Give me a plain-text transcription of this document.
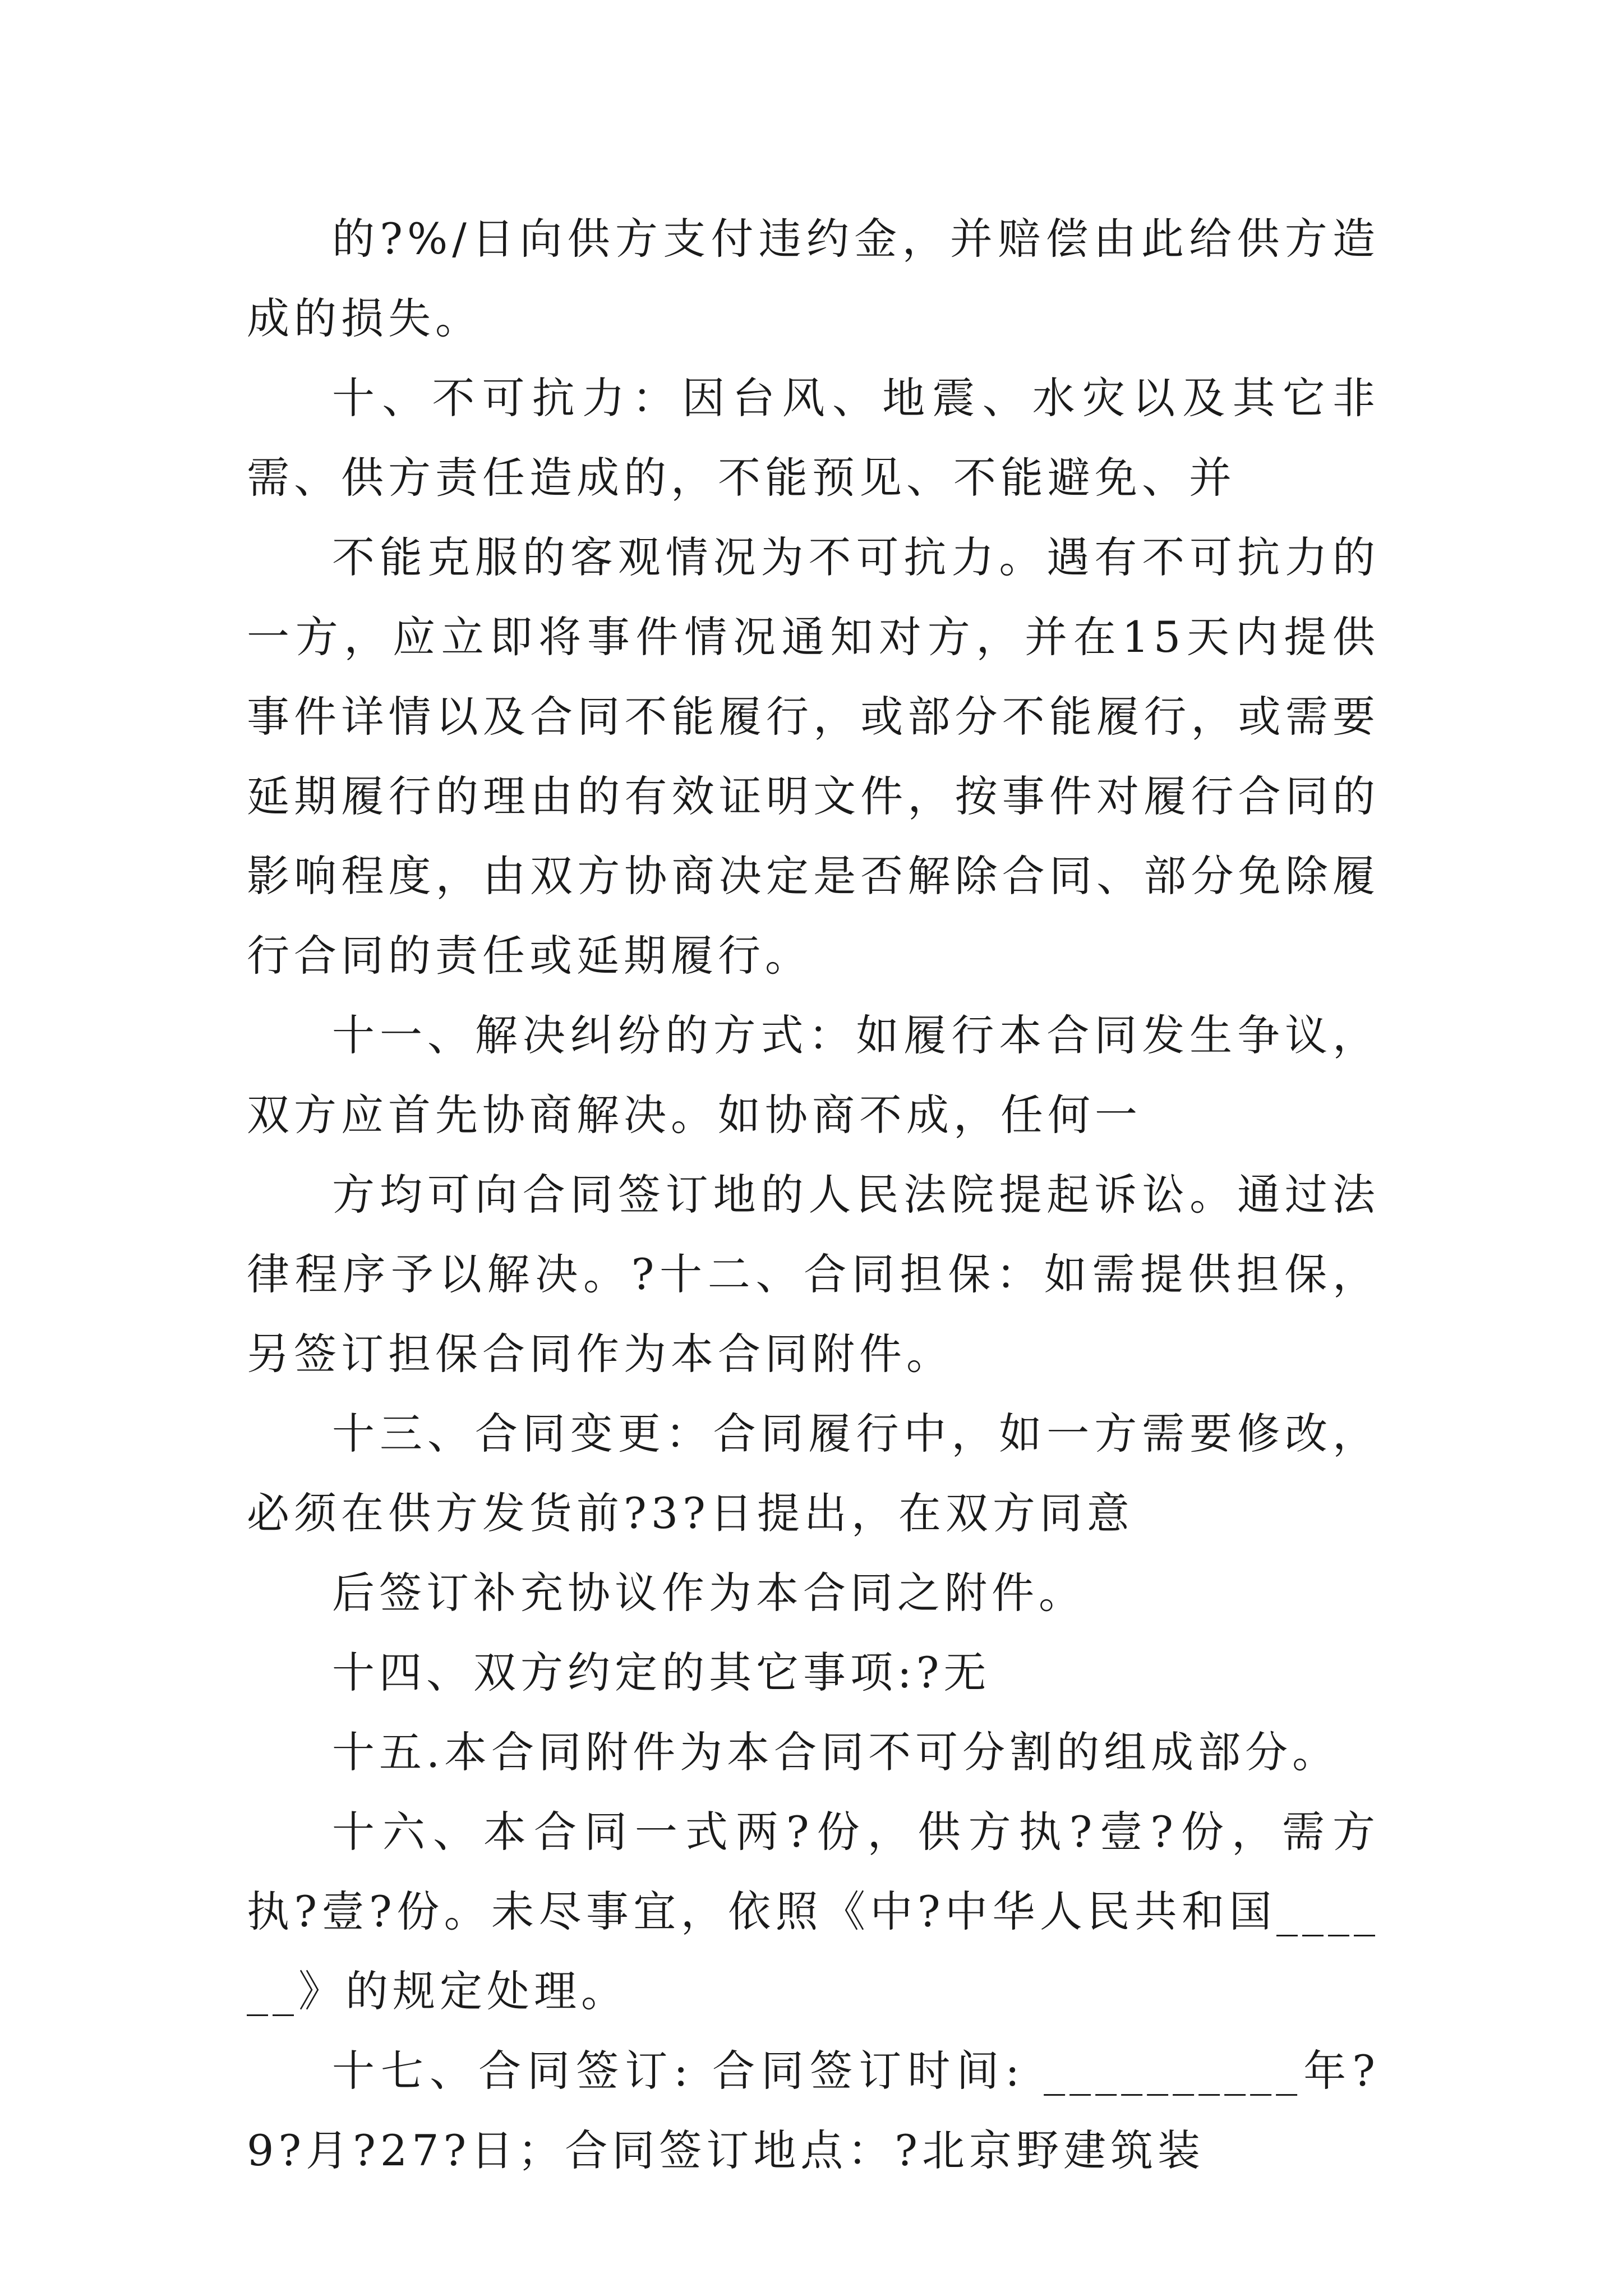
的?%/日向供方支付违约金，并赔偿由此给供方造成的损失。

十、不可抗力：因台风、地震、水灾以及其它非需、供方责任造成的，不能预见、不能避免、并

不能克服的客观情况为不可抗力。遇有不可抗力的一方，应立即将事件情况通知对方，并在15天内提供事件详情以及合同不能履行，或部分不能履行，或需要延期履行的理由的有效证明文件，按事件对履行合同的影响程度，由双方协商决定是否解除合同、部分免除履行合同的责任或延期履行。

十一、解决纠纷的方式：如履行本合同发生争议，双方应首先协商解决。如协商不成，任何一

方均可向合同签订地的人民法院提起诉讼。通过法律程序予以解决。?十二、合同担保：如需提供担保，另签订担保合同作为本合同附件。

十三、合同变更：合同履行中，如一方需要修改，必须在供方发货前?3?日提出，在双方同意

后签订补充协议作为本合同之附件。

十四、双方约定的其它事项:?无

十五.本合同附件为本合同不可分割的组成部分。

十六、本合同一式两?份，供方执?壹?份，需方执?壹?份。未尽事宜，依照《中?中华人民共和国______》的规定处理。

十七、合同签订: 合同签订时间: __________年?9?月?27?日；合同签订地点：?北京野建筑装
